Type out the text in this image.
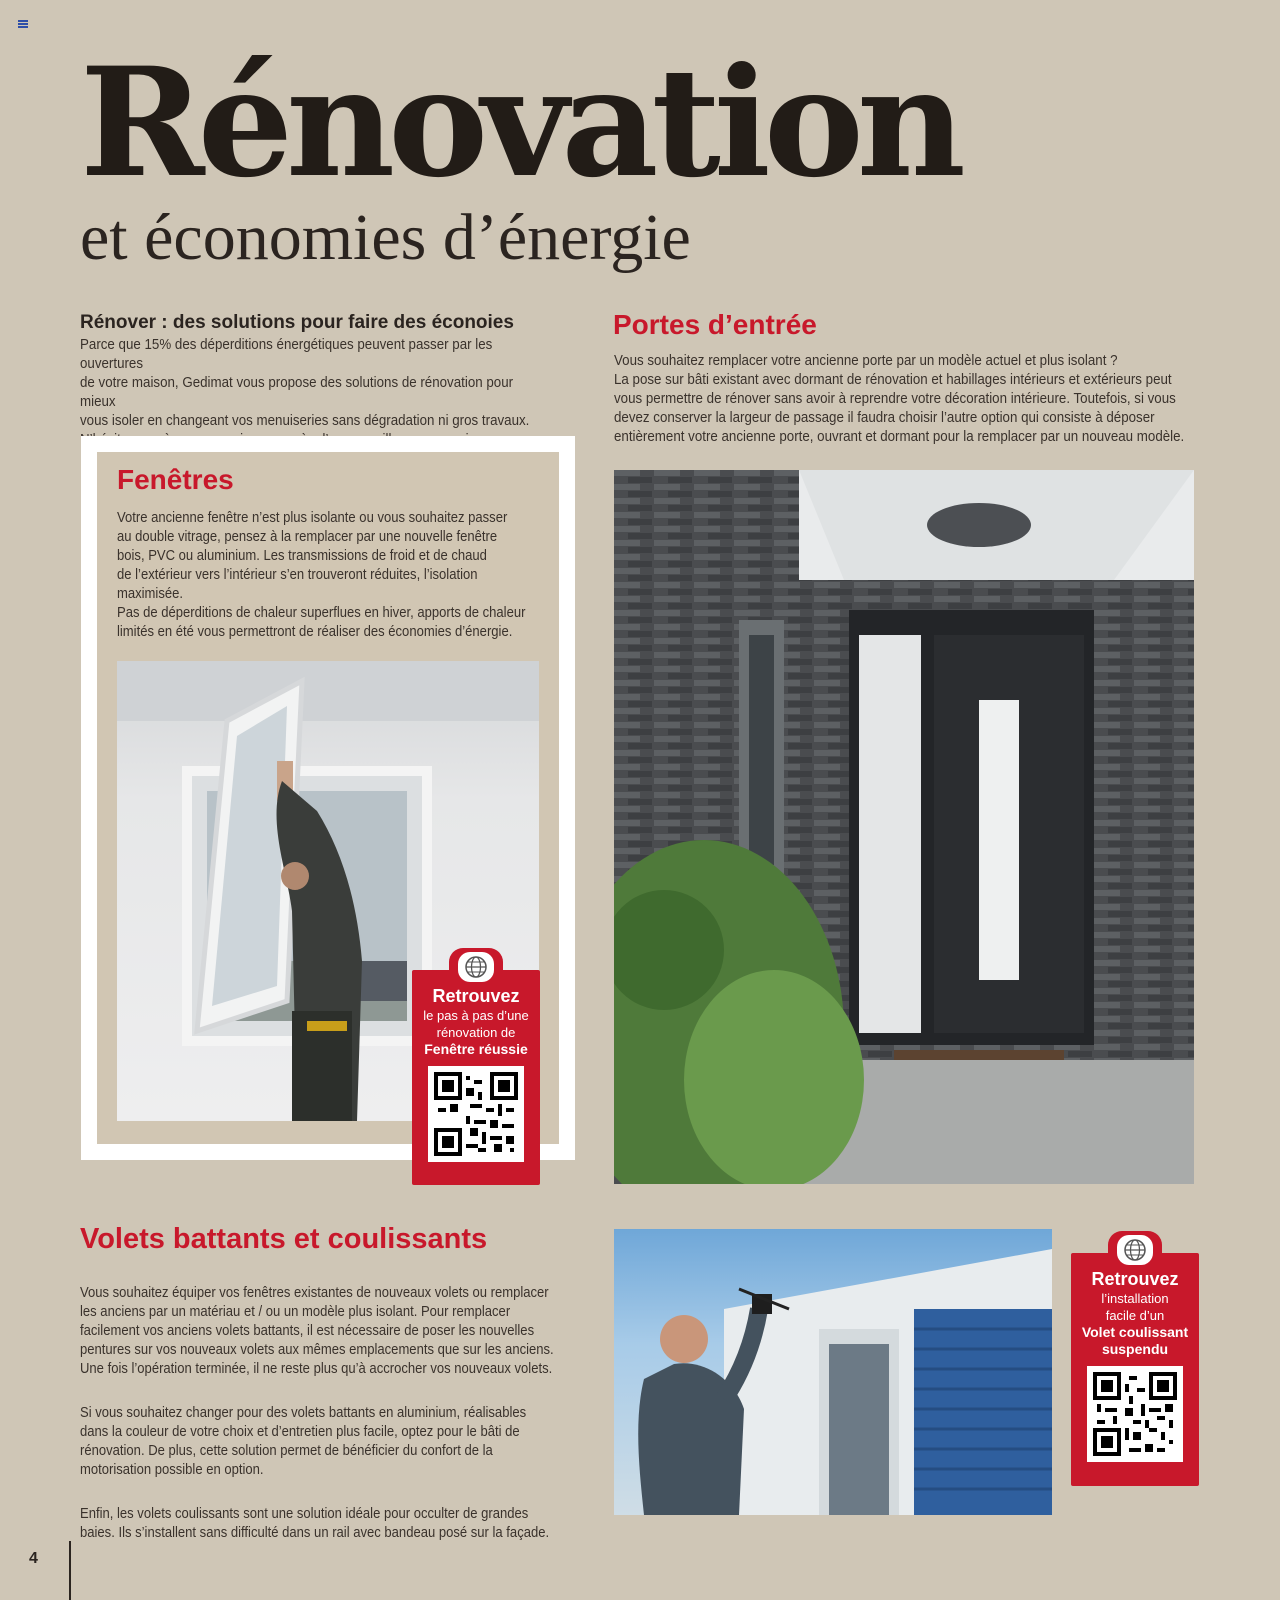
Rénovation
et économies d’énergie
Rénover : des solutions pour faire des éconoies

Parce que 15% des déperditions énergétiques peuvent passer par les ouvertures
de votre maison, Gedimat vous propose des solutions de rénovation pour mieux
vous isoler en changeant vos menuiseries sans dégradation ni gros travaux.

Portes d’entrée

Vous souhaitez remplacer votre ancienne porte par un modèle actuel et plus isolant ?
La pose sur bâti existant avec dormant de rénovation et habillages intérieurs et extérieurs peut
vous permettre de rénover sans avoir à reprendre votre décoration intérieure. Toutefois, si vous
devez conserver la largeur de passage il faudra choisir l’autre option qui consiste à déposer
entièrement votre ancienne porte, ouvrant et dormant pour la remplacer par un nouveau modèle.

Fenêtres

Votre ancienne fenêtre n’est plus isolante ou vous souhaitez passer
au double vitrage, pensez à la remplacer par une nouvelle fenêtre
bois, PVC ou aluminium. Les transmissions de froid et de chaud
de l’extérieur vers l’intérieur s’en trouveront réduites, l’isolation
maximisée.
Pas de déperditions de chaleur superflues en hiver, apports de chaleur
limités en été vous permettront de réaliser des économies d’énergie.

Retrouvez
le pas à pas d’une
rénovation de
Fenêtre réussie
Volets battants et coulissants

Vous souhaitez équiper vos fenêtres existantes de nouveaux volets ou remplacer
les anciens par un matériau et / ou un modèle plus isolant. Pour remplacer
facilement vos anciens volets battants, il est nécessaire de poser les nouvelles
pentures sur vos nouveaux volets aux mêmes emplacements que sur les anciens.
Une fois l’opération terminée, il ne reste plus qu’à accrocher vos nouveaux volets.

Si vous souhaitez changer pour des volets battants en aluminium, réalisables
dans la couleur de votre choix et d’entretien plus facile, optez pour le bâti de
rénovation. De plus, cette solution permet de bénéficier du confort de la
motorisation possible en option.

Enfin, les volets coulissants sont une solution idéale pour occulter de grandes
baies. Ils s’installent sans difficulté dans un rail avec bandeau posé sur la façade.

Retrouvez
l’installation
facile d’un
Volet coulissant
suspendu
4
